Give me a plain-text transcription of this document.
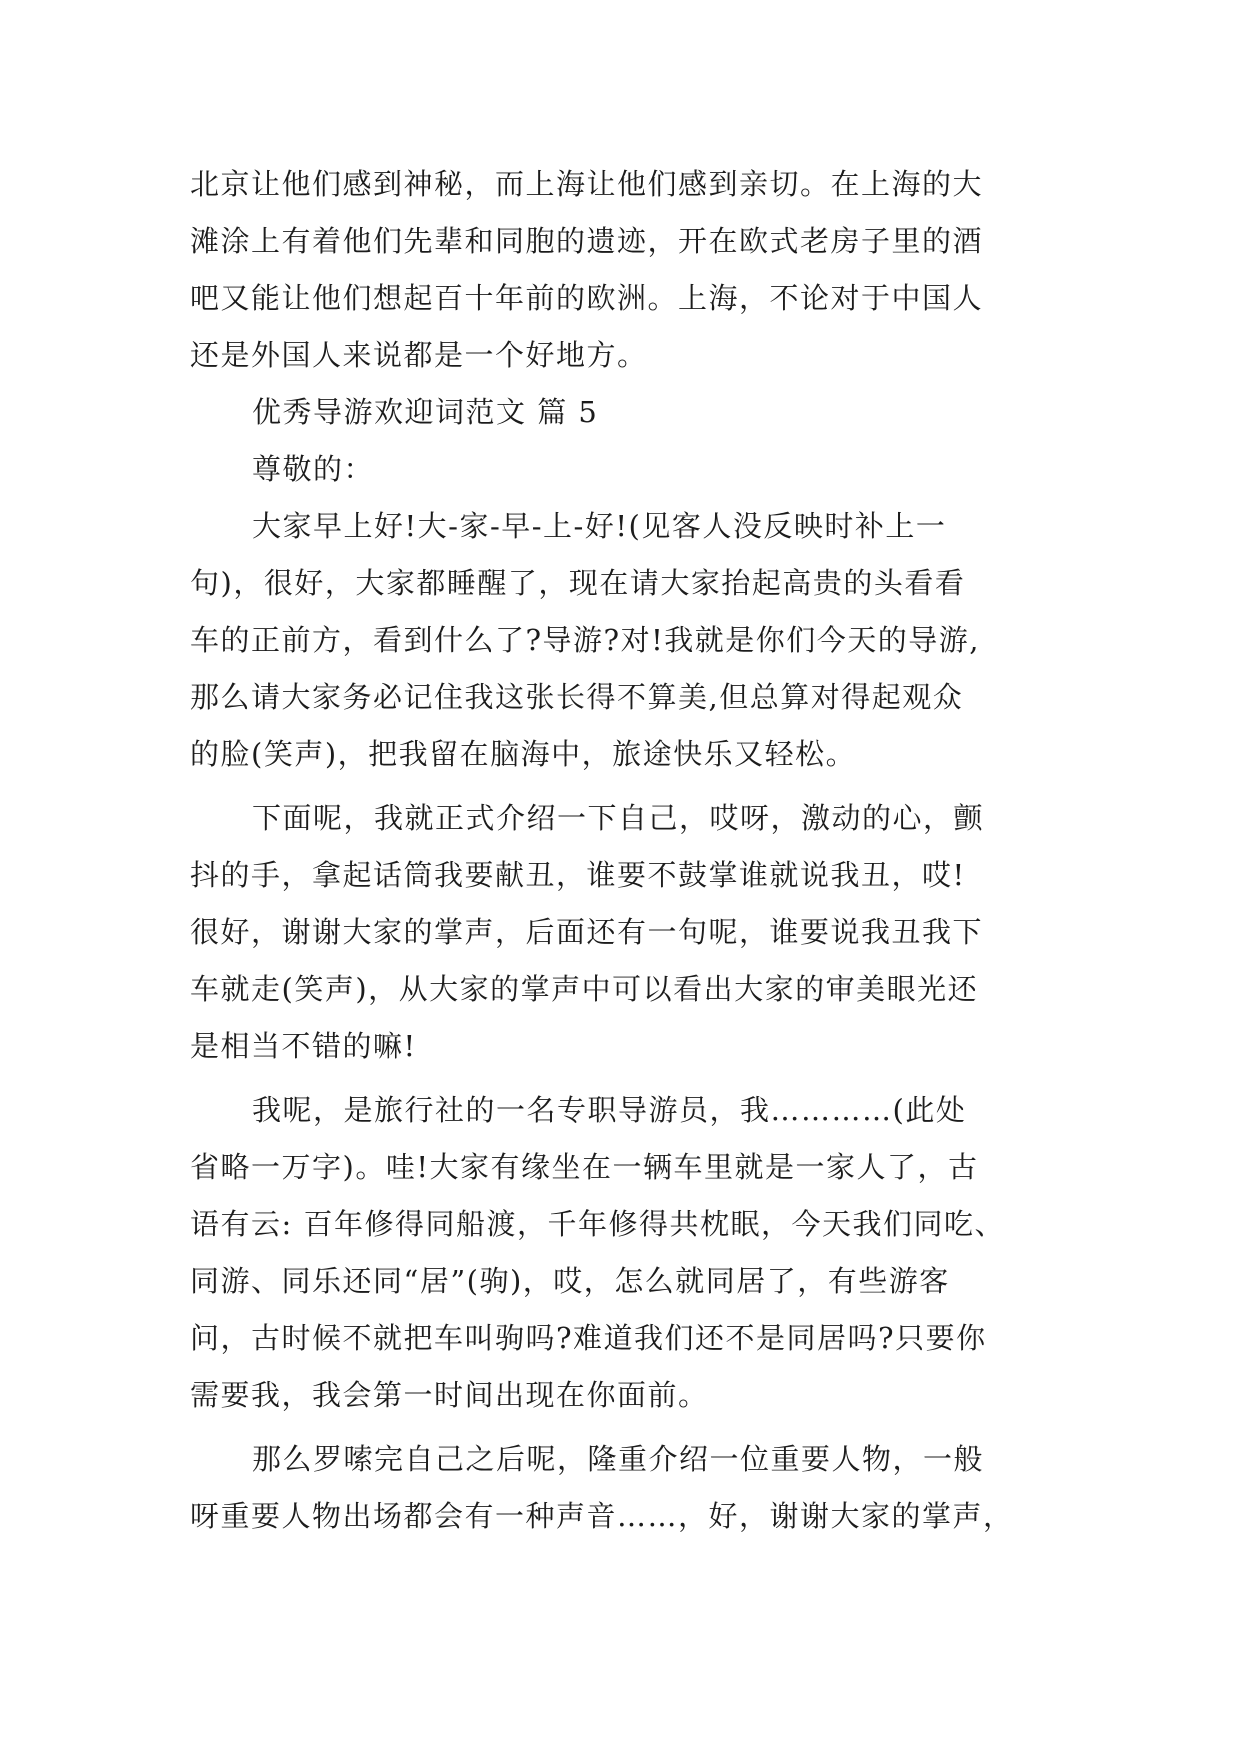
北京让他们感到神秘，而上海让他们感到亲切。在上海的大
滩涂上有着他们先辈和同胞的遗迹，开在欧式老房子里的酒
吧又能让他们想起百十年前的欧洲。上海，不论对于中国人
还是外国人来说都是一个好地方。
优秀导游欢迎词范文 篇 5
尊敬的：
大家早上好!大-家-早-上-好!(见客人没反映时补上一
句)，很好，大家都睡醒了，现在请大家抬起高贵的头看看
车的正前方，看到什么了?导游?对!我就是你们今天的导游,
那么请大家务必记住我这张长得不算美,但总算对得起观众
的脸(笑声)，把我留在脑海中，旅途快乐又轻松。
下面呢，我就正式介绍一下自己，哎呀，激动的心，颤
抖的手，拿起话筒我要献丑，谁要不鼓掌谁就说我丑，哎!
很好，谢谢大家的掌声，后面还有一句呢，谁要说我丑我下
车就走(笑声)，从大家的掌声中可以看出大家的审美眼光还
是相当不错的嘛!
我呢，是旅行社的一名专职导游员，我…………(此处
省略一万字)。哇!大家有缘坐在一辆车里就是一家人了，古
语有云: 百年修得同船渡，千年修得共枕眠，今天我们同吃、
同游、同乐还同“居”(驹)，哎，怎么就同居了，有些游客
问，古时候不就把车叫驹吗?难道我们还不是同居吗?只要你
需要我，我会第一时间出现在你面前。
那么罗嗦完自己之后呢，隆重介绍一位重要人物，一般
呀重要人物出场都会有一种声音……，好，谢谢大家的掌声，
